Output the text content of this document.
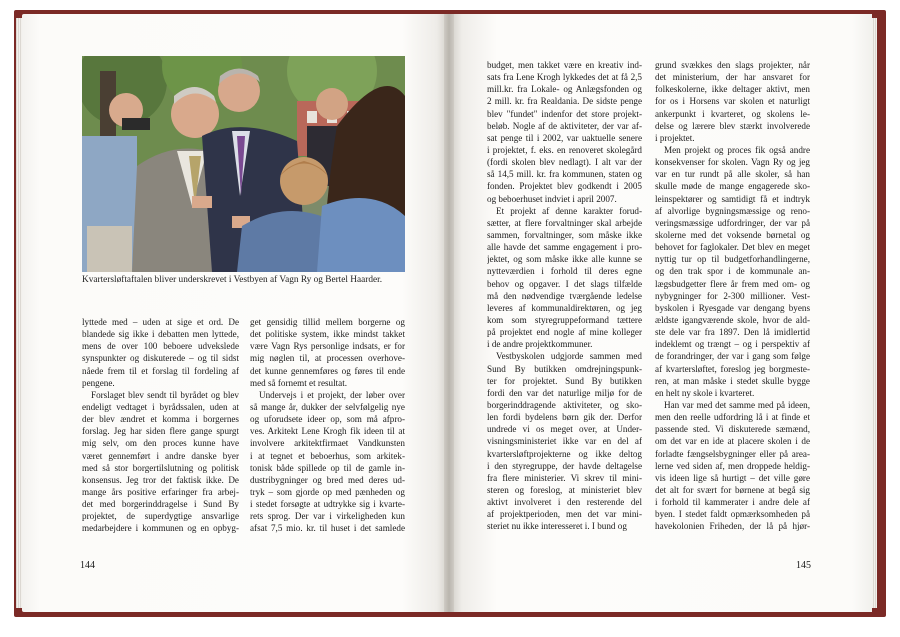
Kvartersløftaftalen bliver underskrevet i Vestbyen af Vagn Ry og Bertel Haarder.
lyttede med – uden at sige et ord. De
blandede sig ikke i debatten men lyttede,
mens de over 100 beboere udvekslede
synspunkter og diskuterede – og til sidst
nåede frem til et forslag til fordeling af
pengene.
Forslaget blev sendt til byrådet og blev
endeligt vedtaget i byrådssalen, uden at
der blev ændret et komma i borgernes
forslag. Jeg har siden flere gange spurgt
mig selv, om den proces kunne have
været gennemført i andre danske byer
med så stor borgertilslutning og politisk
konsensus. Jeg tror det faktisk ikke. De
mange års positive erfaringer fra arbej-
det med borgerinddragelse i Sund By
projektet, de superdygtige ansvarlige
medarbejdere i kommunen og en opbyg-
get gensidig tillid mellem borgerne og
det politiske system, ikke mindst takket
være Vagn Rys personlige indsats, er for
mig nøglen til, at processen overhove-
det kunne gennemføres og føres til ende
med så fornemt et resultat.
Undervejs i et projekt, der løber over
så mange år, dukker der selvfølgelig nye
og uforudsete ideer op, som må afpro-
ves. Arkitekt Lene Krogh fik ideen til at
involvere arkitektfirmaet Vandkunsten
i at tegnet et beboerhus, som arkitek-
tonisk både spillede op til de gamle in-
dustribygninger og bred med deres ud-
tryk – som gjorde op med pænheden og
i stedet forsøgte at udtrykke sig i kvarte-
rets sprog. Der var i virkeligheden kun
afsat 7,5 mio. kr. til huset i det samlede
budget, men takket være en kreativ ind-
sats fra Lene Krogh lykkedes det at få 2,5
mill.kr. fra Lokale- og Anlægsfonden og
2 mill. kr. fra Realdania. De sidste penge
blev "fundet" indenfor det store projekt-
beløb. Nogle af de aktiviteter, der var af-
sat penge til i 2002, var uaktuelle senere
i projektet, f. eks. en renoveret skolegård
(fordi skolen blev nedlagt). I alt var der
så 14,5 mill. kr. fra kommunen, staten og
fonden. Projektet blev godkendt i 2005
og beboerhuset indviet i april 2007.
Et projekt af denne karakter forud-
sætter, at flere forvaltninger skal arbejde
sammen, forvaltninger, som måske ikke
alle havde det samme engagement i pro-
jektet, og som måske ikke alle kunne se
nytteværdien i forhold til deres egne
behov og opgaver. I det slags tilfælde
må den nødvendige tværgående ledelse
leveres af kommunaldirektøren, og jeg
kom som styregruppeformand tættere
på projektet end nogle af mine kolleger
i de andre projektkommuner.
Vestbyskolen udgjorde sammen med
Sund By butikken omdrejningspunk-
ter for projektet. Sund By butikken
fordi den var det naturlige miljø for de
borgerinddragende aktiviteter, og sko-
len fordi bydelens børn gik der. Derfor
undrede vi os meget over, at Under-
visningsministeriet ikke var en del af
kvartersløftprojekterne og ikke deltog
i den styregruppe, der havde deltagelse
fra flere ministerier. Vi skrev til mini-
steren og foreslog, at ministeriet blev
aktivt involveret i den resterende del
af projektperioden, men det var mini-
steriet nu ikke interesseret i. I bund og
grund svækkes den slags projekter, når
det ministerium, der har ansvaret for
folkeskolerne, ikke deltager aktivt, men
for os i Horsens var skolen et naturligt
ankerpunkt i kvarteret, og skolens le-
delse og lærere blev stærkt involverede
i projektet.
Men projekt og proces fik også andre
konsekvenser for skolen. Vagn Ry og jeg
var en tur rundt på alle skoler, så han
skulle møde de mange engagerede sko-
leinspektører og samtidigt få et indtryk
af alvorlige bygningsmæssige og reno-
veringsmæssige udfordringer, der var på
skolerne med det voksende børnetal og
behovet for faglokaler. Det blev en meget
nyttig tur op til budgetforhandlingerne,
og den trak spor i de kommunale an-
lægsbudgetter flere år frem med om- og
nybygninger for 2-300 millioner. Vest-
byskolen i Ryesgade var dengang byens
ældste igangværende skole, hvor de ald-
ste dele var fra 1897. Den lå imidlertid
indeklemt og trængt – og i perspektiv af
de forandringer, der var i gang som følge
af kvartersløftet, foreslog jeg borgmeste-
ren, at man måske i stedet skulle bygge
en helt ny skole i kvarteret.
Han var med det samme med på ideen,
men den reelle udfordring lå i at finde et
passende sted. Vi diskuterede sæmænd,
om det var en ide at placere skolen i de
forladte fængselsbygninger eller på area-
lerne ved siden af, men droppede heldig-
vis ideen lige så hurtigt – det ville gøre
det alt for svært for børnene at begå sig
i forhold til kammerater i andre dele af
byen. I stedet faldt opmærksomheden på
havekolonien Friheden, der lå på hjør-
144	145
